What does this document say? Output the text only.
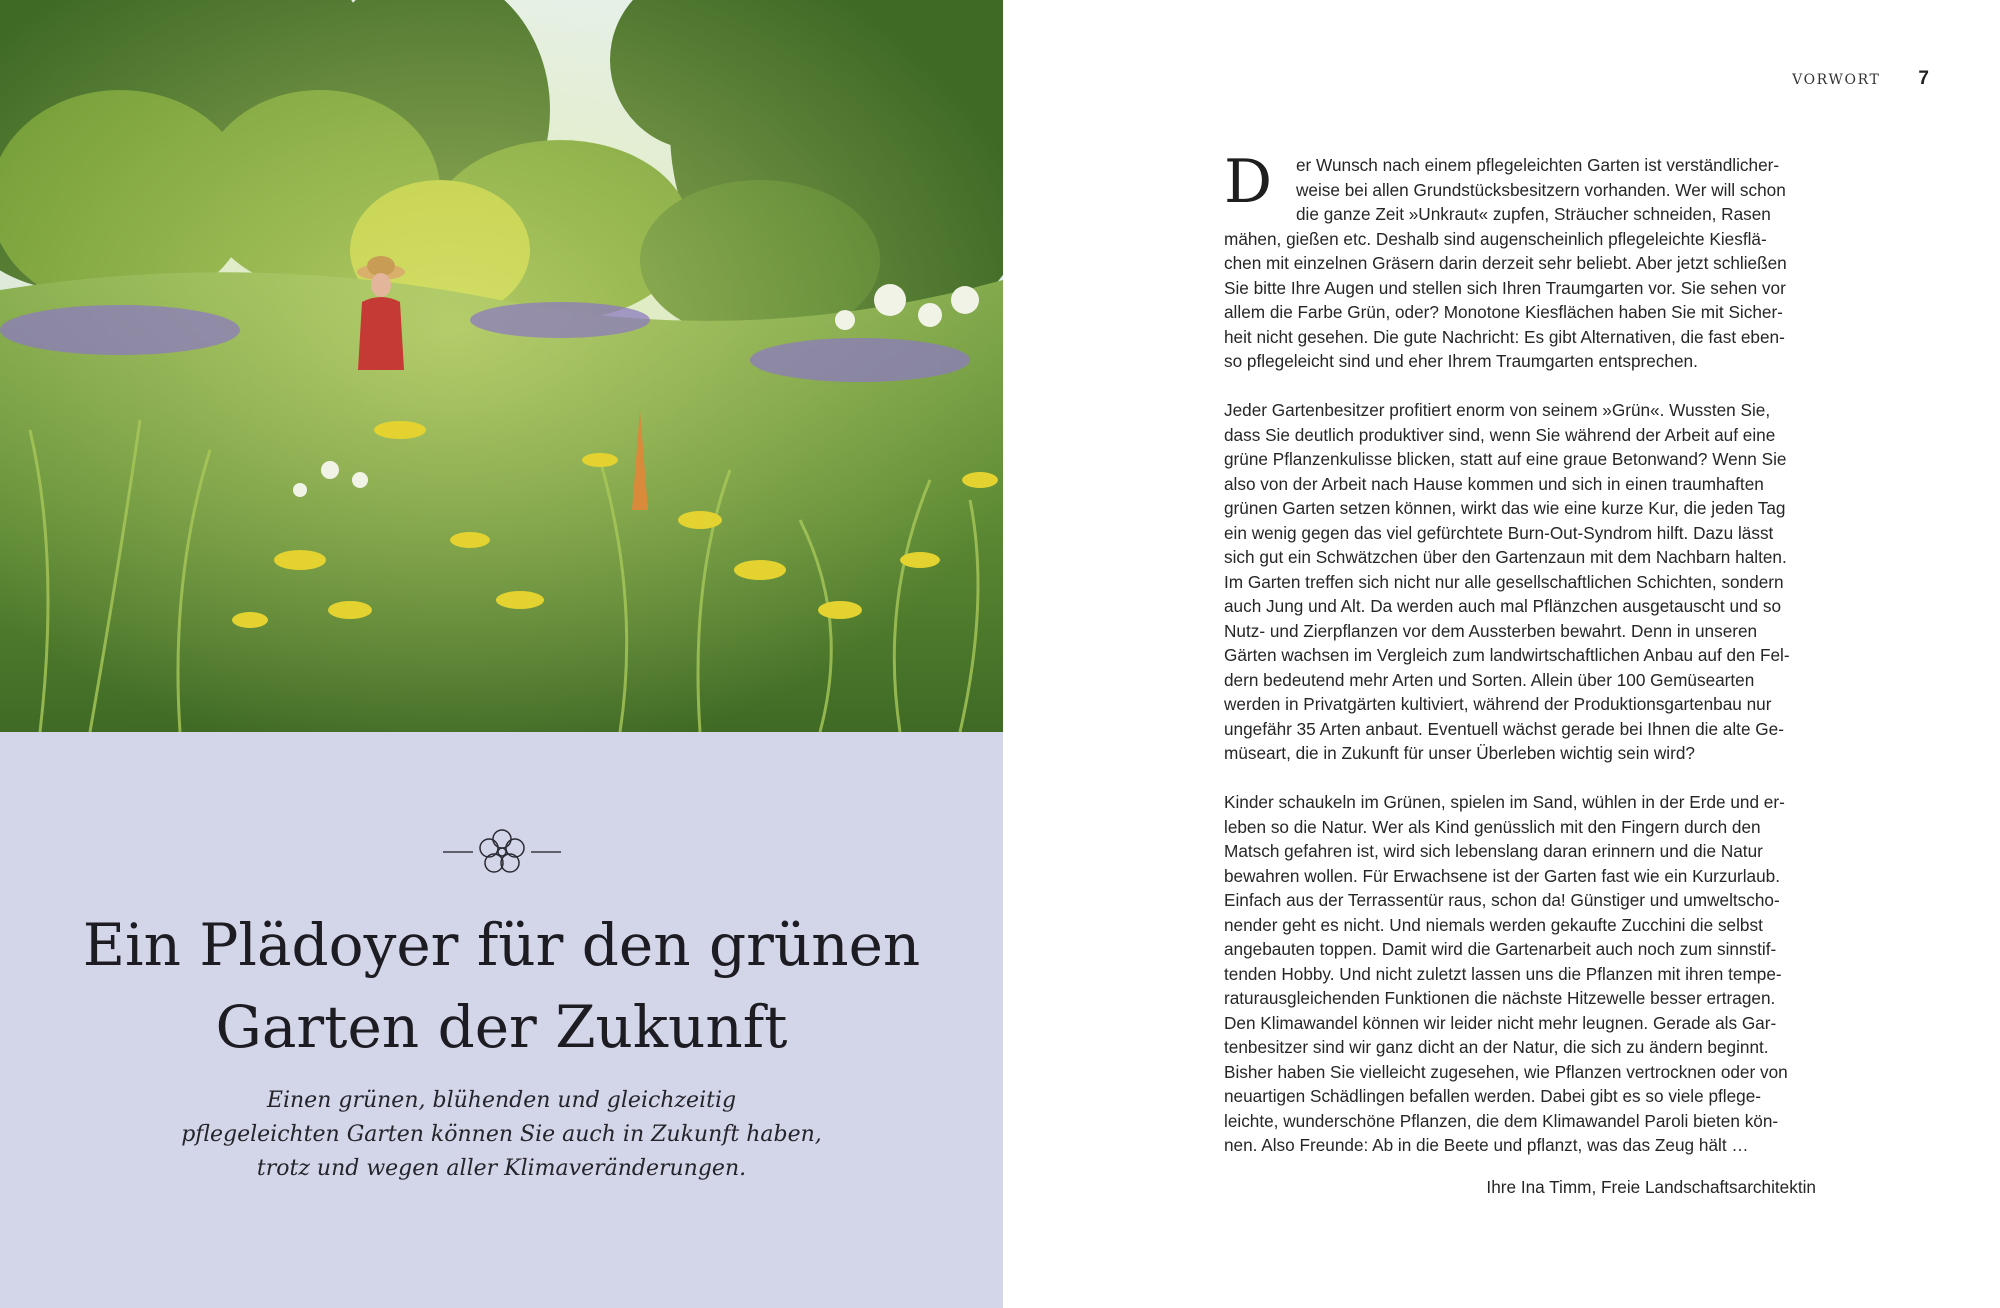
Ein Plädoyer für den grünen
Garten der Zukunft

Einen grünen, blühenden und gleichzeitig
pflegeleichten Garten können Sie auch in Zukunft haben,
trotz und wegen aller Klimaveränderungen.

VORWORT 7
D	er Wunsch nach einem pflegeleichten Garten ist verständlicher-
weise bei allen Grundstücksbesitzern vorhanden. Wer will schon
die ganze Zeit »Unkraut« zupfen, Sträucher schneiden, Rasen
mähen, gießen etc. Deshalb sind augenscheinlich pflegeleichte Kiesflä-
chen mit einzelnen Gräsern darin derzeit sehr beliebt. Aber jetzt schließen
Sie bitte Ihre Augen und stellen sich Ihren Traumgarten vor. Sie sehen vor
allem die Farbe Grün, oder? Monotone Kiesflächen haben Sie mit Sicher-
heit nicht gesehen. Die gute Nachricht: Es gibt Alternativen, die fast eben-
so pflegeleicht sind und eher Ihrem Traumgarten entsprechen.
Jeder Gartenbesitzer profitiert enorm von seinem »Grün«. Wussten Sie,
dass Sie deutlich produktiver sind, wenn Sie während der Arbeit auf eine
grüne Pflanzenkulisse blicken, statt auf eine graue Betonwand? Wenn Sie
also von der Arbeit nach Hause kommen und sich in einen traumhaften
grünen Garten setzen können, wirkt das wie eine kurze Kur, die jeden Tag
ein wenig gegen das viel gefürchtete Burn-Out-Syndrom hilft. Dazu lässt
sich gut ein Schwätzchen über den Gartenzaun mit dem Nachbarn halten.
Im Garten treffen sich nicht nur alle gesellschaftlichen Schichten, sondern
auch Jung und Alt. Da werden auch mal Pflänzchen ausgetauscht und so
Nutz- und Zierpflanzen vor dem Aussterben bewahrt. Denn in unseren
Gärten wachsen im Vergleich zum landwirtschaftlichen Anbau auf den Fel-
dern bedeutend mehr Arten und Sorten. Allein über 100 Gemüsearten
werden in Privatgärten kultiviert, während der Produktionsgartenbau nur
ungefähr 35 Arten anbaut. Eventuell wächst gerade bei Ihnen die alte Ge-
müseart, die in Zukunft für unser Überleben wichtig sein wird?
Kinder schaukeln im Grünen, spielen im Sand, wühlen in der Erde und er-
leben so die Natur. Wer als Kind genüsslich mit den Fingern durch den
Matsch gefahren ist, wird sich lebenslang daran erinnern und die Natur
bewahren wollen. Für Erwachsene ist der Garten fast wie ein Kurzurlaub.
Einfach aus der Terrassentür raus, schon da! Günstiger und umweltscho-
nender geht es nicht. Und niemals werden gekaufte Zucchini die selbst
angebauten toppen. Damit wird die Gartenarbeit auch noch zum sinnstif-
tenden Hobby. Und nicht zuletzt lassen uns die Pflanzen mit ihren tempe-
raturausgleichenden Funktionen die nächste Hitzewelle besser ertragen.
Den Klimawandel können wir leider nicht mehr leugnen. Gerade als Gar-
tenbesitzer sind wir ganz dicht an der Natur, die sich zu ändern beginnt.
Bisher haben Sie vielleicht zugesehen, wie Pflanzen vertrocknen oder von
neuartigen Schädlingen befallen werden. Dabei gibt es so viele pflege-
leichte, wunderschöne Pflanzen, die dem Klimawandel Paroli bieten kön-
nen. Also Freunde: Ab in die Beete und pflanzt, was das Zeug hält …

Ihre Ina Timm, Freie Landschaftsarchitektin
